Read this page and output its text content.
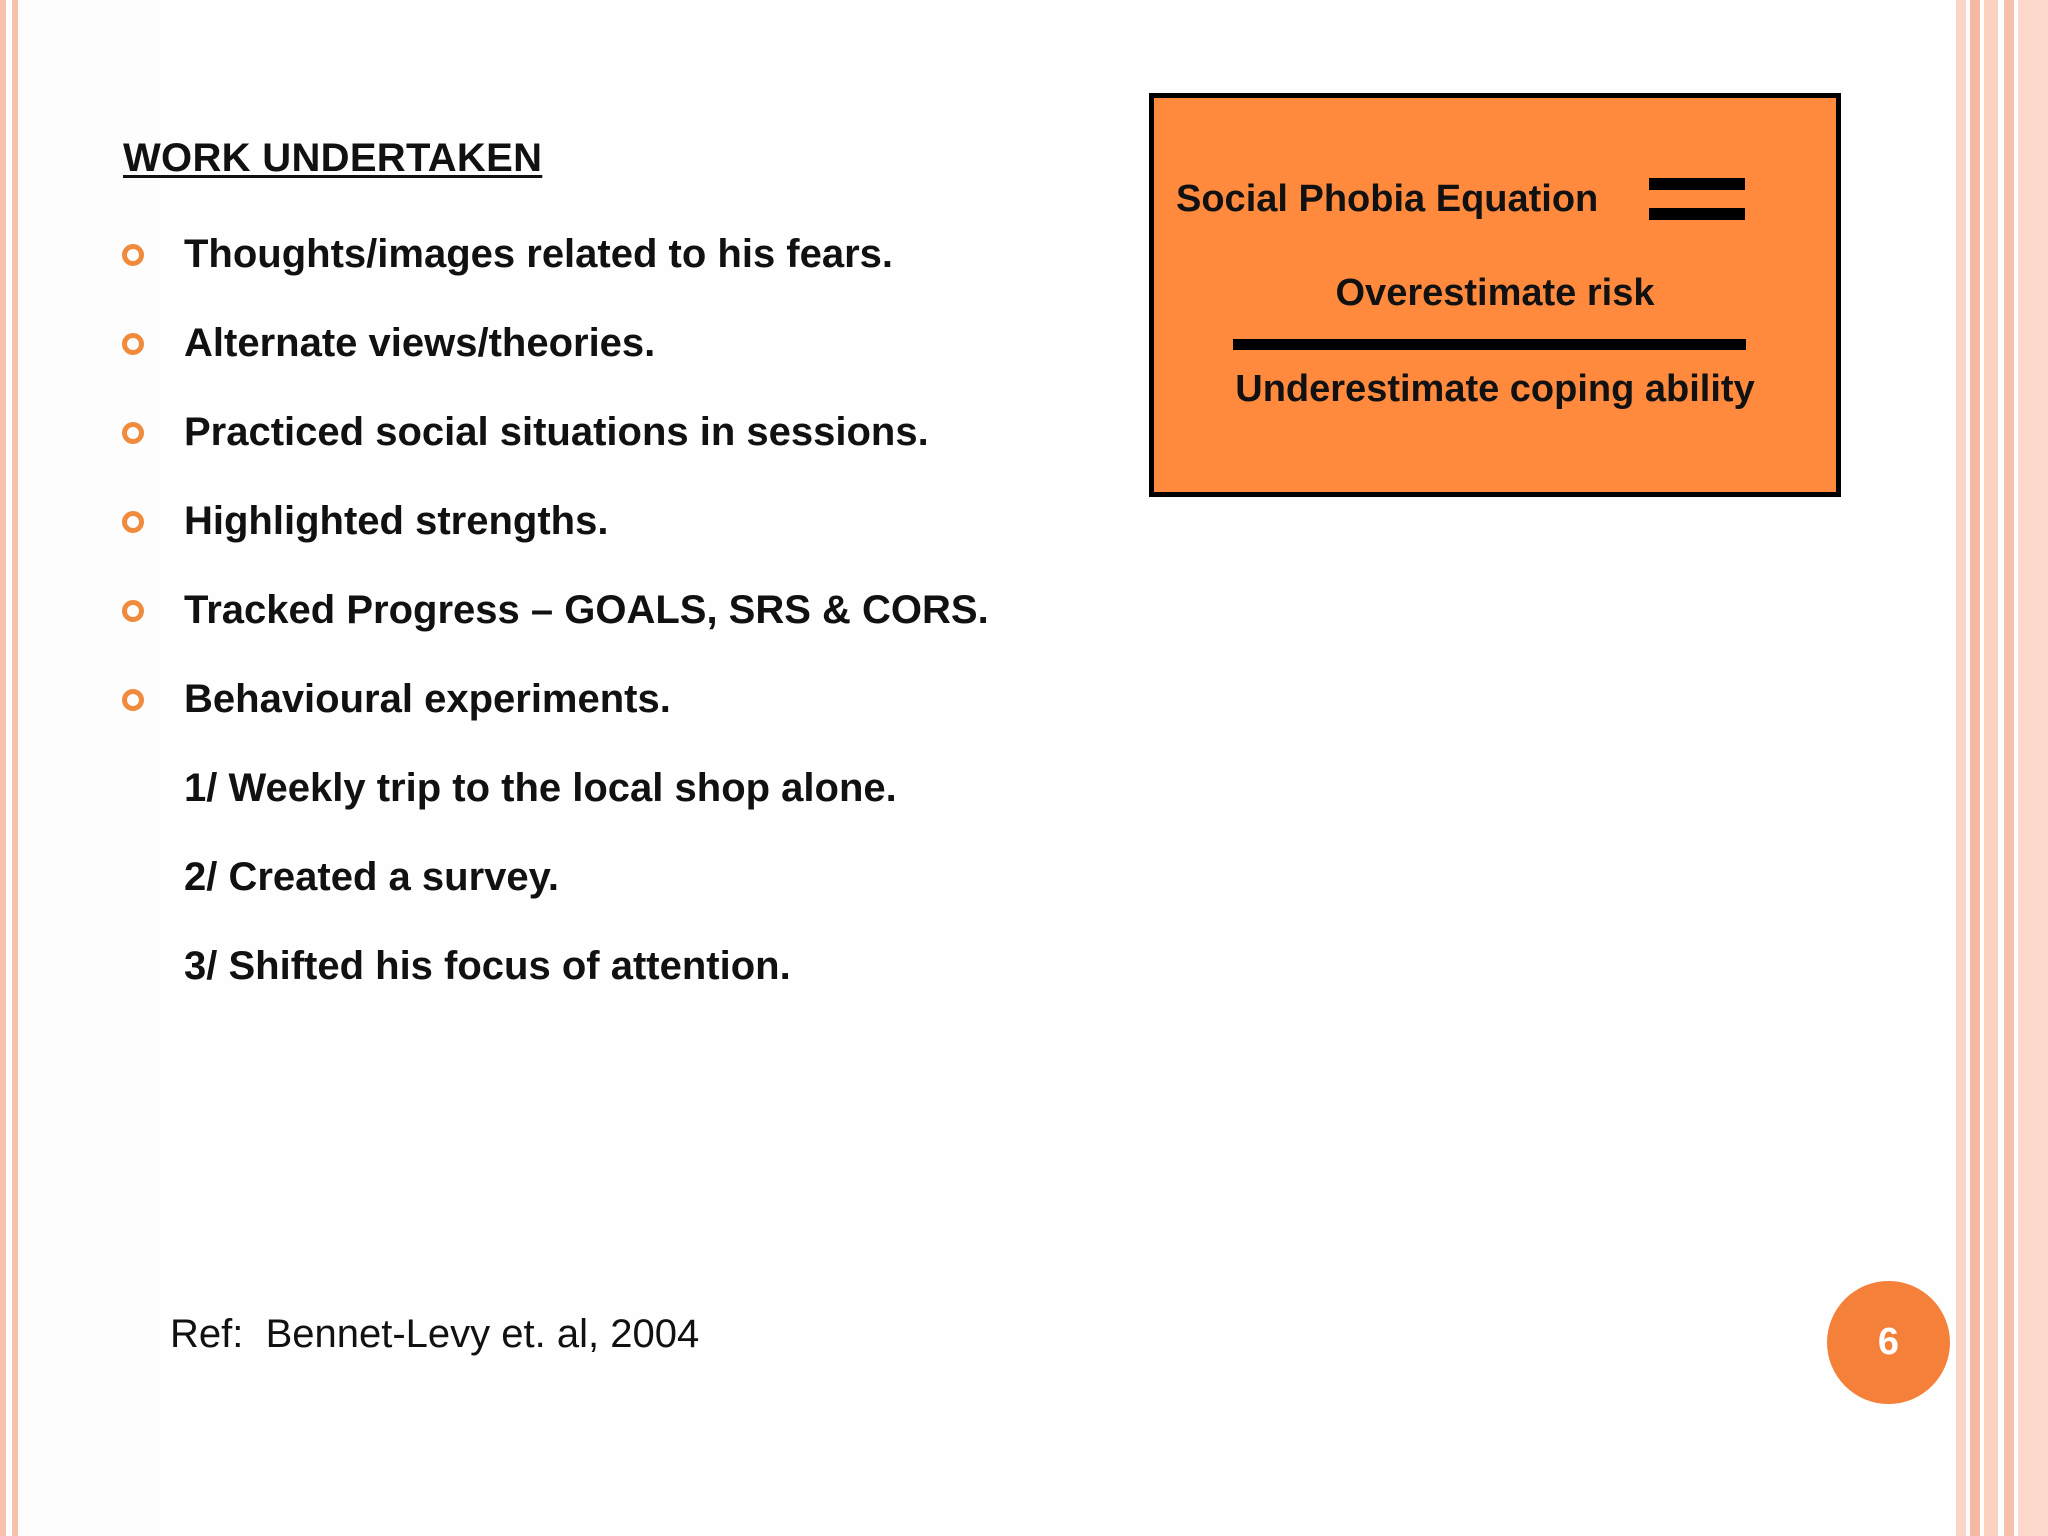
WORK UNDERTAKEN
Thoughts/images related to his fears.
Alternate views/theories.
Practiced social situations in sessions.
Highlighted strengths.
Tracked Progress – GOALS, SRS & CORS.
Behavioural experiments.
1/ Weekly trip to the local shop alone.
2/ Created a survey.
3/ Shifted his focus of attention.
Social Phobia Equation
Overestimate risk
Underestimate coping ability
Ref:  Bennet-Levy et. al, 2004	6
